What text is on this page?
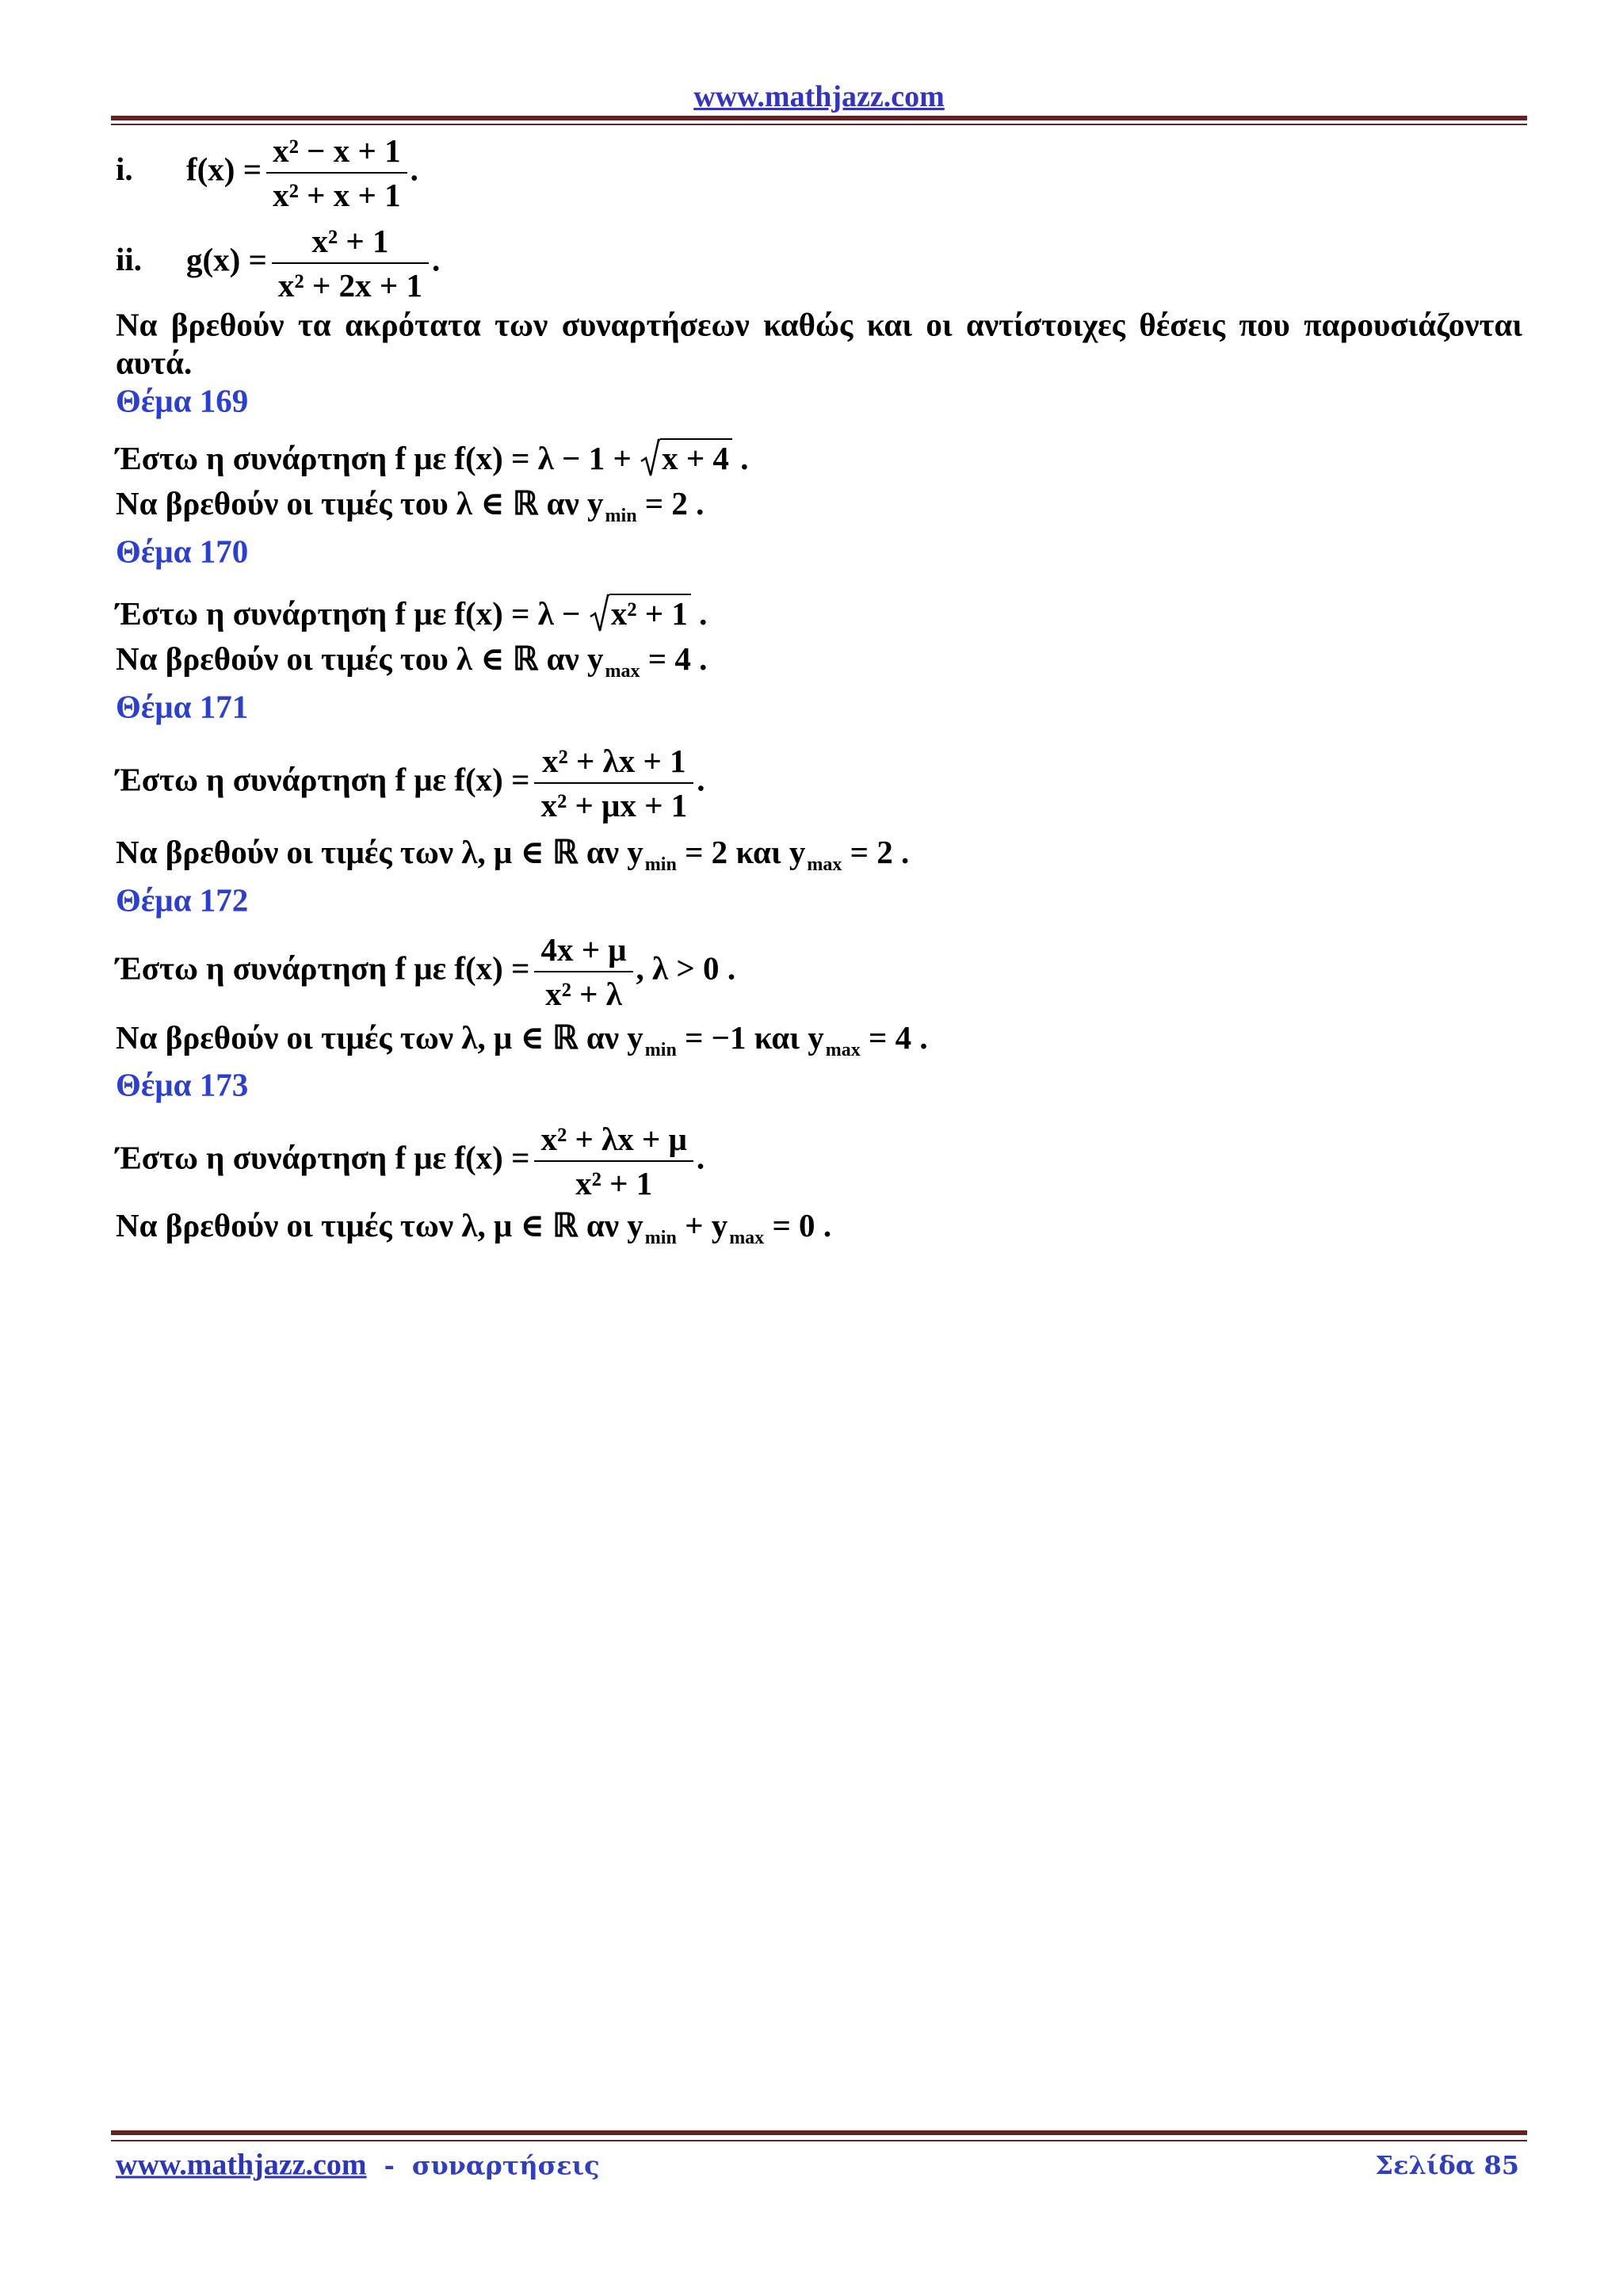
www.mathjazz.com
i. $f(x) = \frac{\text{x² − x + 1}}{\text{x² + x + 1}}$ .
ii. $g(x) = \frac{\text{x² + 1}}{\text{x² + 2x + 1}}$ .
Να βρεθούν τα ακρότατα των συναρτήσεων καθώς και οι αντίστοιχες θέσεις που παρουσιάζονται
αυτά.
Θέμα 169
Έστω η συνάρτηση f με f(x) = λ − 1 + x + 4 .
Να βρεθούν οι τιμές του λ ∈ ℝ αν $y_{min} = 2$ .
Θέμα 170
Έστω η συνάρτηση f με f(x) = λ − x² + 1 .
Να βρεθούν οι τιμές του λ ∈ ℝ αν $y_{max} = 4$ .
Θέμα 171
Έστω η συνάρτηση f με $f(x) = \frac{\text{x² + λx + 1}}{\text{x² + μx + 1}}$ .
Να βρεθούν οι τιμές των λ, μ ∈ ℝ αν $y_{min} = 2$ και $y_{max} = 2$ .
Θέμα 172
Έστω η συνάρτηση f με $f(x) = \frac{4x + \mu}{\text{x² + λ}}$ , λ > 0 .
Να βρεθούν οι τιμές των λ, μ ∈ ℝ αν $y_{min} = -1$ και $y_{max} = 4$ .
Θέμα 173
Έστω η συνάρτηση f με $f(x) = \frac{\text{x² + λx + μ}}{\text{x² + 1}}$ .
Να βρεθούν οι τιμές των λ, μ ∈ ℝ αν $y_{min} + y_{max} = 0$ .
www.mathjazz.com - συναρτήσεις	Σελίδα 85
